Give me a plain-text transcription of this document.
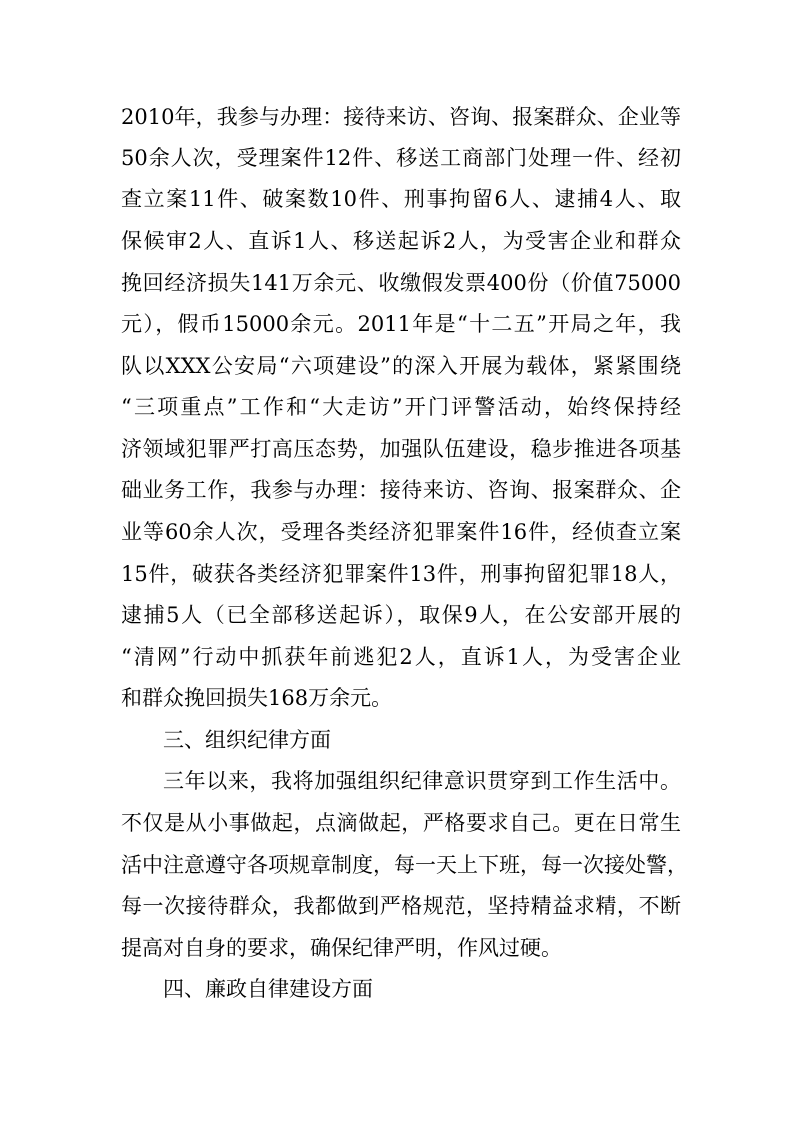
2010年，我参与办理：接待来访、咨询、报案群众、企业等
50余人次，受理案件12件、移送工商部门处理一件、经初
查立案11件、破案数10件、刑事拘留6人、逮捕4人、取
保候审2人、直诉1人、移送起诉2人，为受害企业和群众
挽回经济损失141万余元、收缴假发票400份（价值75000
元），假币15000余元。2011年是“十二五”开局之年，我
队以XXX公安局“六项建设”的深入开展为载体，紧紧围绕
“三项重点”工作和“大走访”开门评警活动，始终保持经
济领域犯罪严打高压态势，加强队伍建设，稳步推进各项基
础业务工作，我参与办理：接待来访、咨询、报案群众、企
业等60余人次，受理各类经济犯罪案件16件，经侦查立案
15件，破获各类经济犯罪案件13件，刑事拘留犯罪18人，
逮捕5人（已全部移送起诉），取保9人，在公安部开展的
“清网”行动中抓获年前逃犯2人，直诉1人，为受害企业
和群众挽回损失168万余元。
三、组织纪律方面
三年以来，我将加强组织纪律意识贯穿到工作生活中。
不仅是从小事做起，点滴做起，严格要求自己。更在日常生
活中注意遵守各项规章制度，每一天上下班，每一次接处警，
每一次接待群众，我都做到严格规范，坚持精益求精，不断
提高对自身的要求，确保纪律严明，作风过硬。
四、廉政自律建设方面
